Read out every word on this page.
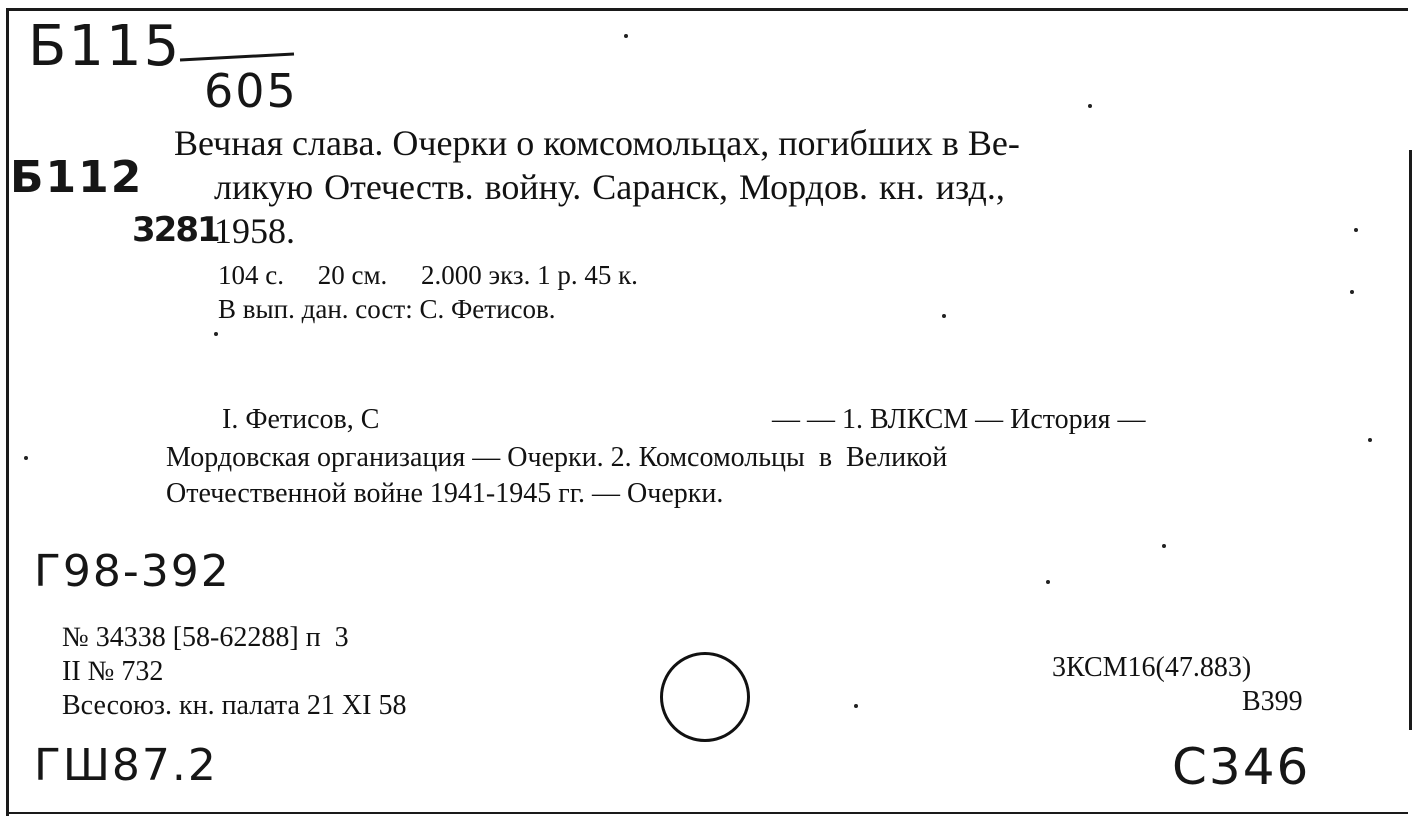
Б115
605
Б112
3281
Вечная слава. Очерки о комсомольцах, погибших в Ве-
ликую Отечеств. войну. Саранск, Мордов. кн. изд.,
1958.
104 с.     20 см.     2.000 экз. 1 р. 45 к.
В вып. дан. сост: С. Фетисов.
I. Фетисов, С	— — 1. ВЛКСМ — История —
Мордовская организация — Очерки. 2. Комсомольцы  в  Великой
Отечественной войне 1941-1945 гг. — Очерки.
Г98-392
№ 34338 [58-62288] п  3
II № 732
Всесоюз. кн. палата 21 XI 58
3КСМ16(47.883)
В399
ГШ87.2	С346
